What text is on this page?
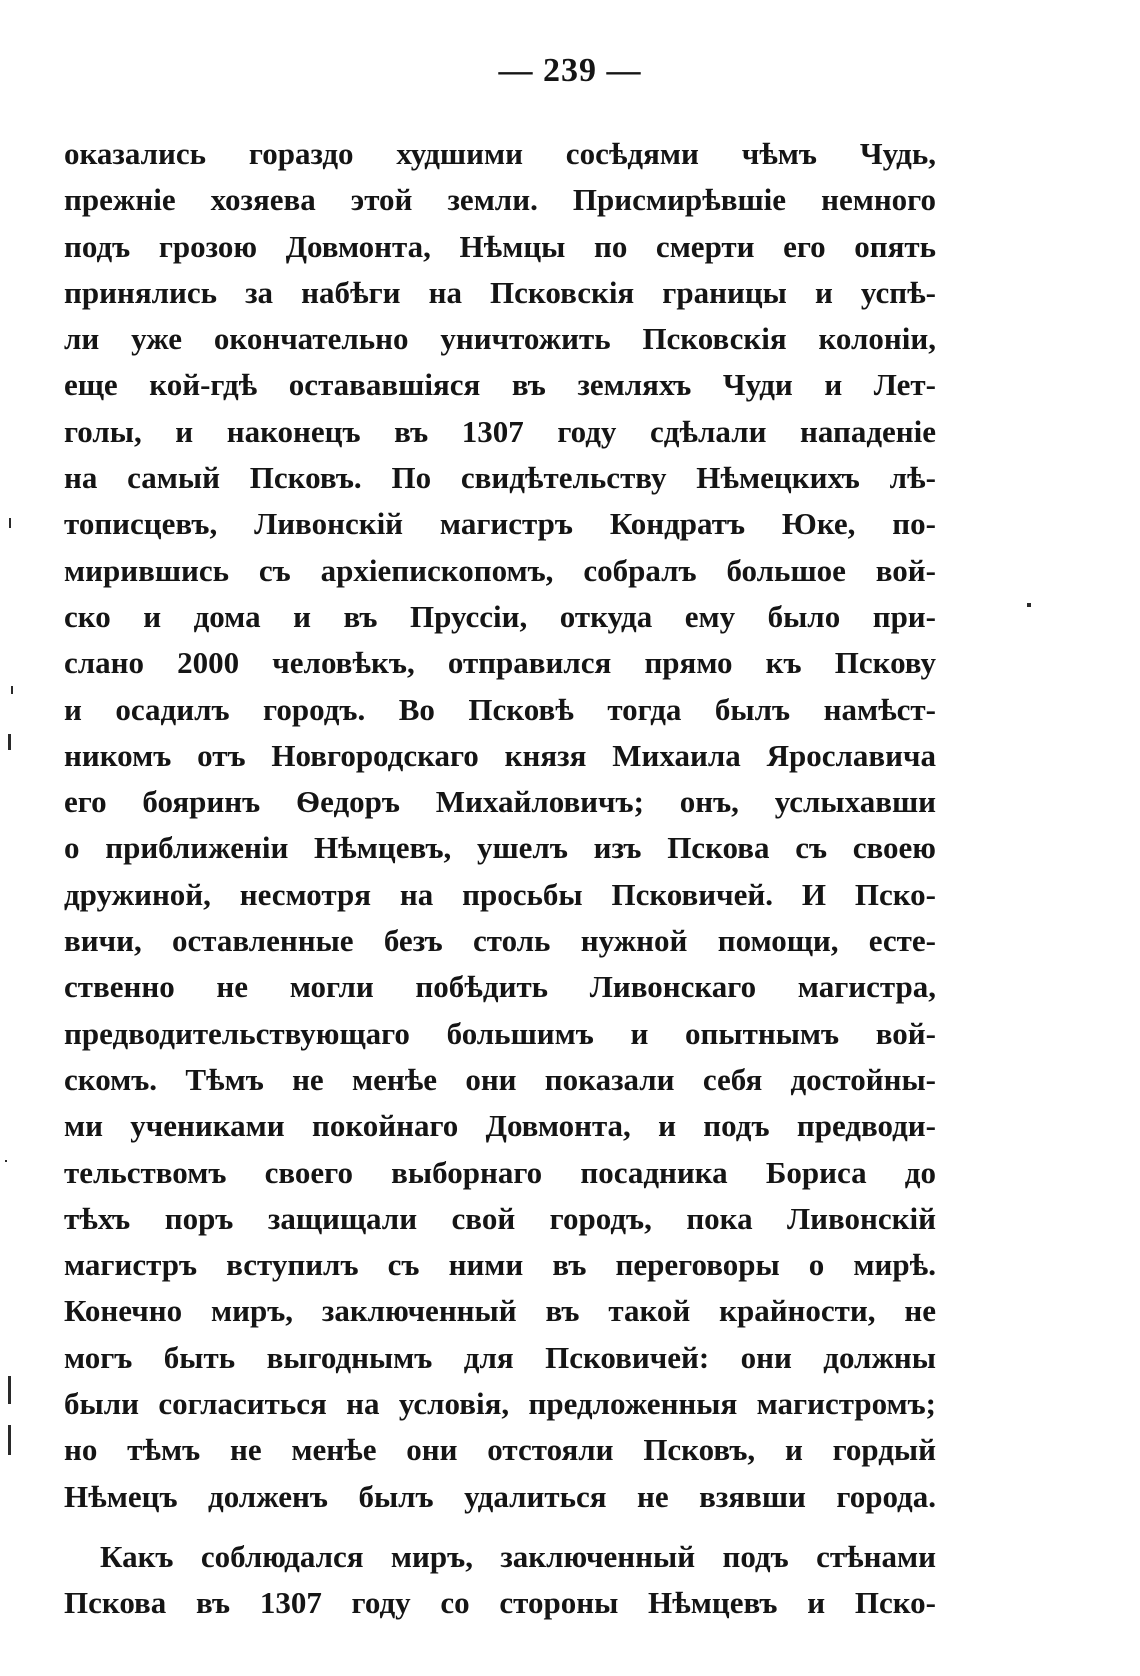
— 239 —
оказались гораздо худшими сосѣдями чѣмъ Чудь,
прежніе хозяева этой земли. Присмирѣвшіе немного
подъ грозою Довмонта, Нѣмцы по смерти его опять
принялись за набѣги на Псковскія границы и успѣ-
ли уже окончательно уничтожить Псковскія колоніи,
еще кой-гдѣ остававшіяся въ земляхъ Чуди и Лет-
голы, и наконецъ въ 1307 году сдѣлали нападеніе
на самый Псковъ. По свидѣтельству Нѣмецкихъ лѣ-
тописцевъ, Ливонскій магистръ Кондратъ Юке, по-
мирившись съ архіепископомъ, собралъ большое вой-
ско и дома и въ Пруссіи, откуда ему было при-
слано 2000 человѣкъ, отправился прямо къ Пскову
и осадилъ городъ. Во Псковѣ тогда былъ намѣст-
никомъ отъ Новгородскаго князя Михаила Ярославича
его бояринъ Ѳедоръ Михайловичъ; онъ, услыхавши
о приближеніи Нѣмцевъ, ушелъ изъ Пскова съ своею
дружиной, несмотря на просьбы Псковичей. И Пско-
вичи, оставленные безъ столь нужной помощи, есте-
ственно не могли побѣдить Ливонскаго магистра,
предводительствующаго большимъ и опытнымъ вой-
скомъ. Тѣмъ не менѣе они показали себя достойны-
ми учениками покойнаго Довмонта, и подъ предводи-
тельствомъ своего выборнаго посадника Бориса до
тѣхъ поръ защищали свой городъ, пока Ливонскій
магистръ вступилъ съ ними въ переговоры о мирѣ.
Конечно миръ, заключенный въ такой крайности, не
могъ быть выгоднымъ для Псковичей: они должны
были согласиться на условія, предложенныя магистромъ;
но тѣмъ не менѣе они отстояли Псковъ, и гордый
Нѣмецъ долженъ былъ удалиться не взявши города.
Какъ соблюдался миръ, заключенный подъ стѣнами
Пскова въ 1307 году со стороны Нѣмцевъ и Пско-
